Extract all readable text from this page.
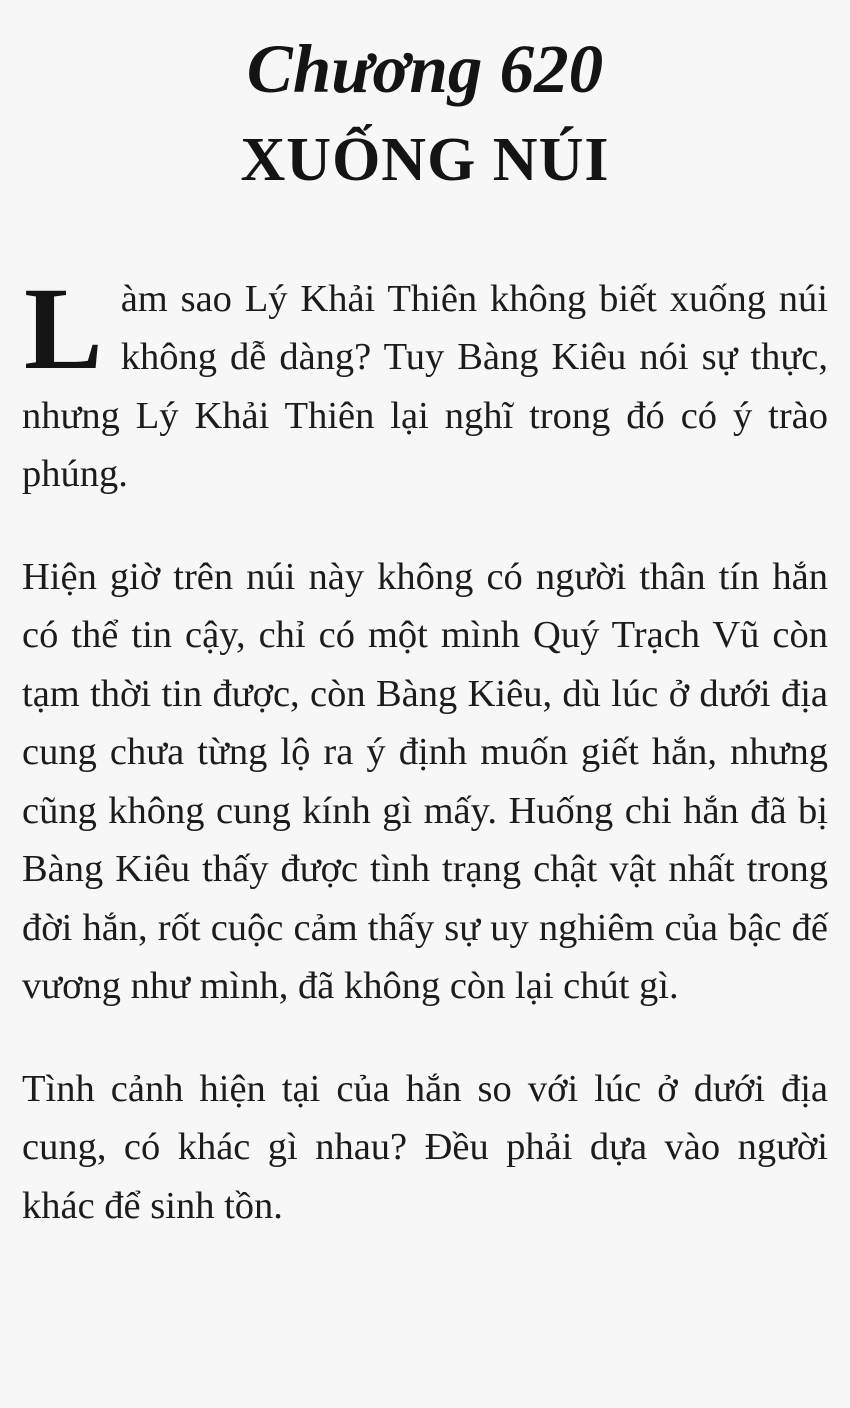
Chương 620
XUỐNG NÚI

Làm sao Lý Khải Thiên không biết xuống núi không dễ dàng? Tuy Bàng Kiêu nói sự thực, nhưng Lý Khải Thiên lại nghĩ trong đó có ý trào phúng.

Hiện giờ trên núi này không có người thân tín hắn có thể tin cậy, chỉ có một mình Quý Trạch Vũ còn tạm thời tin được, còn Bàng Kiêu, dù lúc ở dưới địa cung chưa từng lộ ra ý định muốn giết hắn, nhưng cũng không cung kính gì mấy. Huống chi hắn đã bị Bàng Kiêu thấy được tình trạng chật vật nhất trong đời hắn, rốt cuộc cảm thấy sự uy nghiêm của bậc đế vương như mình, đã không còn lại chút gì.

Tình cảnh hiện tại của hắn so với lúc ở dưới địa cung, có khác gì nhau? Đều phải dựa vào người khác để sinh tồn.
